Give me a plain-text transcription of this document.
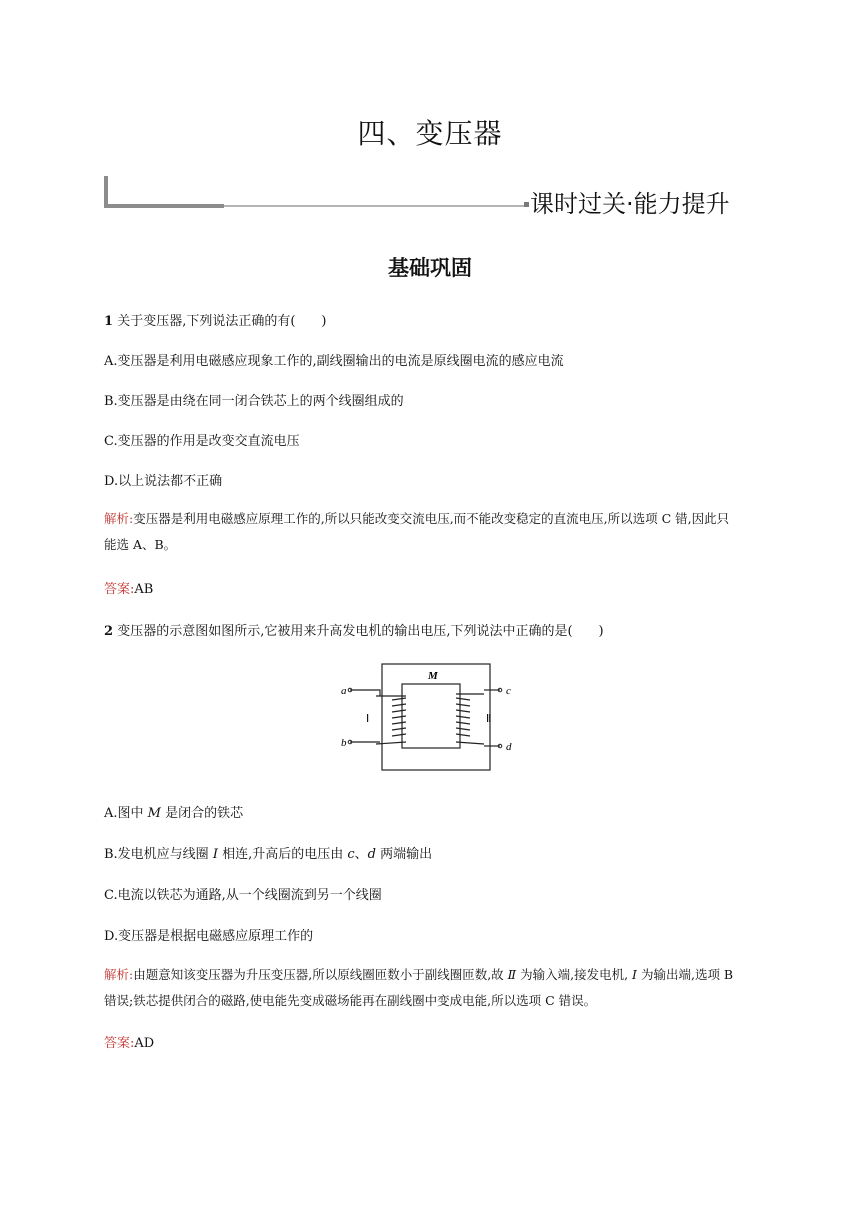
四、变压器
课时过关·能力提升
基础巩固
1 关于变压器,下列说法正确的有(　　)
A.变压器是利用电磁感应现象工作的,副线圈输出的电流是原线圈电流的感应电流
B.变压器是由绕在同一闭合铁芯上的两个线圈组成的
C.变压器的作用是改变交直流电压
D.以上说法都不正确
解析:变压器是利用电磁感应原理工作的,所以只能改变交流电压,而不能改变稳定的直流电压,所以选项 C 错,因此只
能选 A、B。
答案:AB
2 变压器的示意图如图所示,它被用来升高发电机的输出电压,下列说法中正确的是(　　)
M
a
b
c
d
Ⅰ	Ⅱ
A.图中 M 是闭合的铁芯
B.发电机应与线圈 Ⅰ 相连,升高后的电压由 c、d 两端输出
C.电流以铁芯为通路,从一个线圈流到另一个线圈
D.变压器是根据电磁感应原理工作的
解析:由题意知该变压器为升压变压器,所以原线圈匝数小于副线圈匝数,故 Ⅱ 为输入端,接发电机, Ⅰ 为输出端,选项 B
错误;铁芯提供闭合的磁路,使电能先变成磁场能再在副线圈中变成电能,所以选项 C 错误。
答案:AD
